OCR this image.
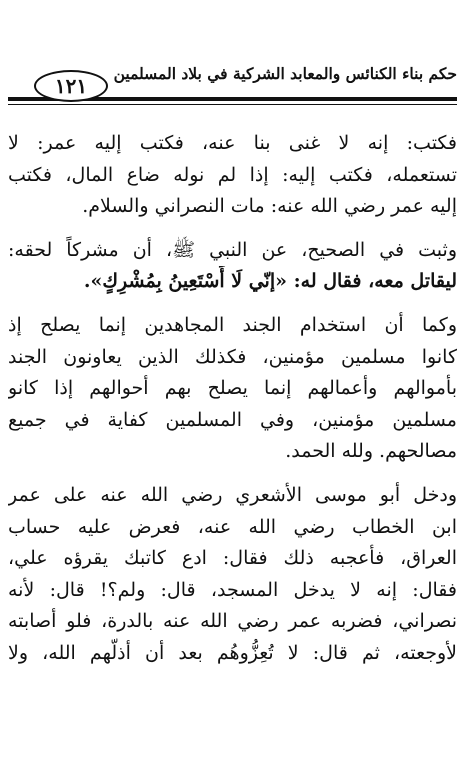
١٢١
حكم بناء الكنائس والمعابد الشركية في بلاد المسلمين
فكتب: إنه لا غنى بنا عنه، فكتب إليه عمر: لا
تستعمله، فكتب إليه: إذا لم نوله ضاع المال، فكتب
إليه عمر رضي الله عنه: مات النصراني والسلام.
وثبت في الصحيح، عن النبي ﷺ، أن مشركاً لحقه:
ليقاتل معه، فقال له: «إنّي لَا أَسْتَعِينُ بِمُشْرِكٍ».
وكما أن استخدام الجند المجاهدين إنما يصلح إذ
كانوا مسلمين مؤمنين، فكذلك الذين يعاونون الجند
بأموالهم وأعمالهم إنما يصلح بهم أحوالهم إذا كانو
مسلمين مؤمنين، وفي المسلمين كفاية في جميع
مصالحهم. ولله الحمد.
ودخل أبو موسى الأشعري رضي الله عنه على عمر
ابن الخطاب رضي الله عنه، فعرض عليه حساب
العراق، فأعجبه ذلك فقال: ادع كاتبك يقرؤه علي،
فقال: إنه لا يدخل المسجد، قال: ولم؟! قال: لأنه
نصراني، فضربه عمر رضي الله عنه بالدرة، فلو أصابته
لأوجعته، ثم قال: لا تُعِزُّوهُم بعد أن أذلّهم الله، ولا
